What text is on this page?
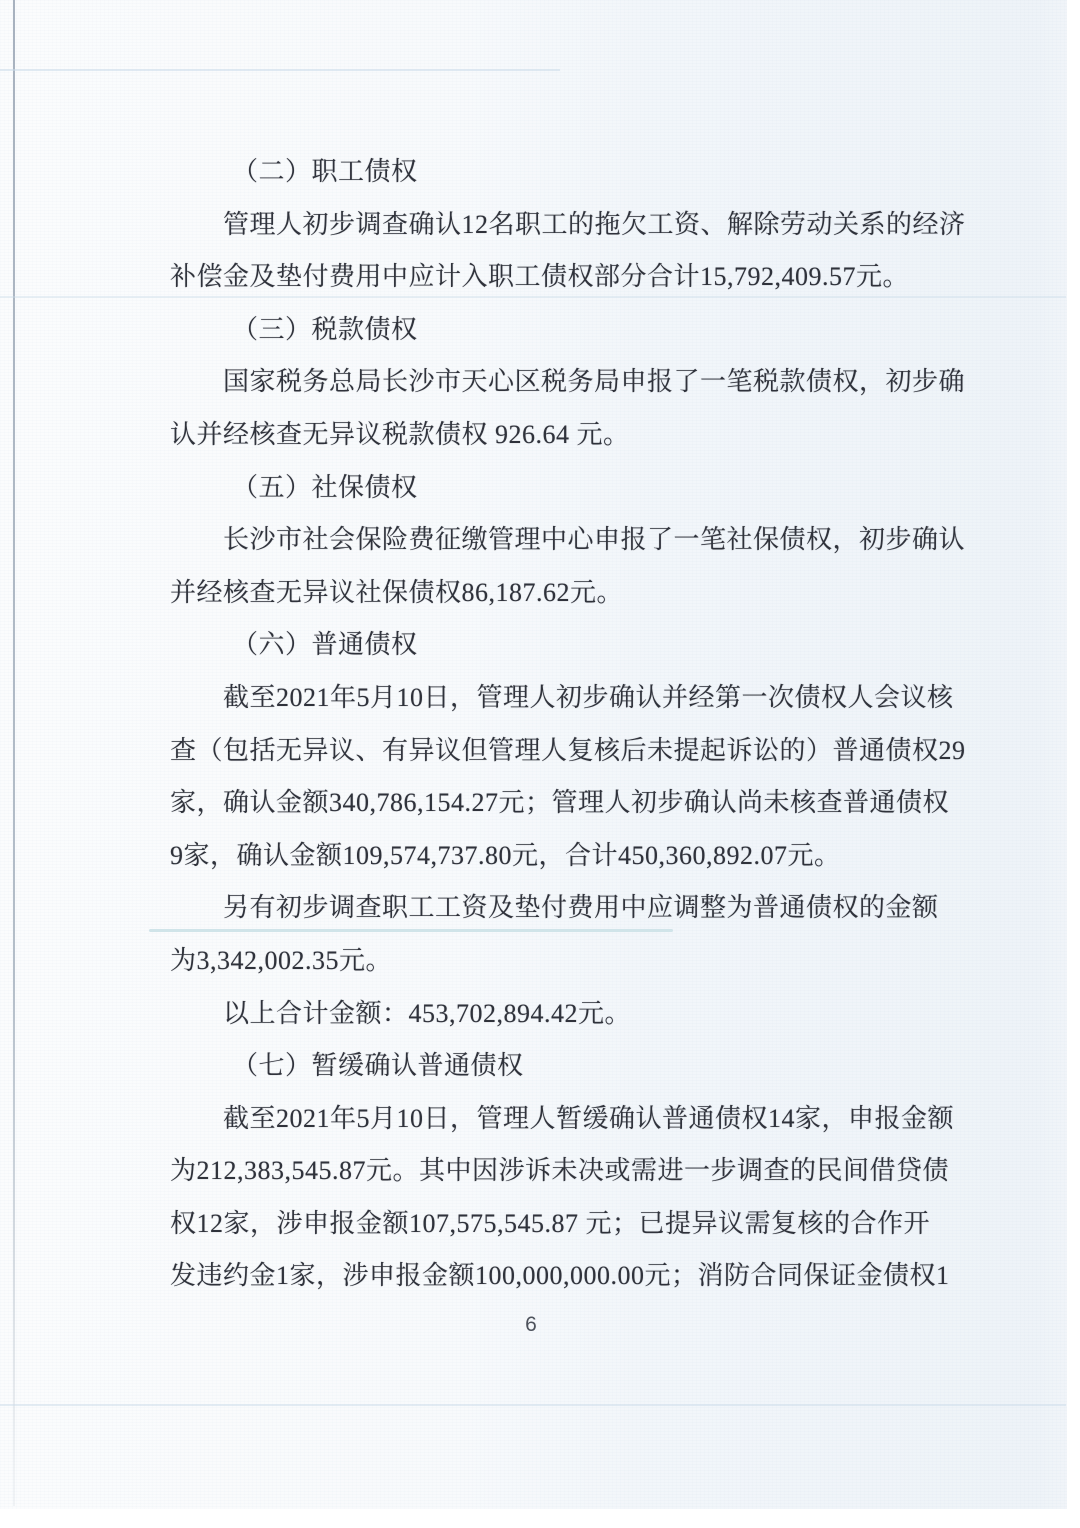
（二）职工债权
管理人初步调查确认12名职工的拖欠工资、解除劳动关系的经济
补偿金及垫付费用中应计入职工债权部分合计15,792,409.57元。
（三）税款债权
国家税务总局长沙市天心区税务局申报了一笔税款债权，初步确
认并经核查无异议税款债权 926.64 元。
（五）社保债权
长沙市社会保险费征缴管理中心申报了一笔社保债权，初步确认
并经核查无异议社保债权86,187.62元。
（六）普通债权
截至2021年5月10日，管理人初步确认并经第一次债权人会议核
查（包括无异议、有异议但管理人复核后未提起诉讼的）普通债权29
家，确认金额340,786,154.27元；管理人初步确认尚未核查普通债权
9家，确认金额109,574,737.80元，合计450,360,892.07元。
另有初步调查职工工资及垫付费用中应调整为普通债权的金额
为3,342,002.35元。
以上合计金额：453,702,894.42元。
（七）暂缓确认普通债权
截至2021年5月10日，管理人暂缓确认普通债权14家，申报金额
为212,383,545.87元。其中因涉诉未决或需进一步调查的民间借贷债
权12家，涉申报金额107,575,545.87 元；已提异议需复核的合作开
发违约金1家，涉申报金额100,000,000.00元；消防合同保证金债权1
6
